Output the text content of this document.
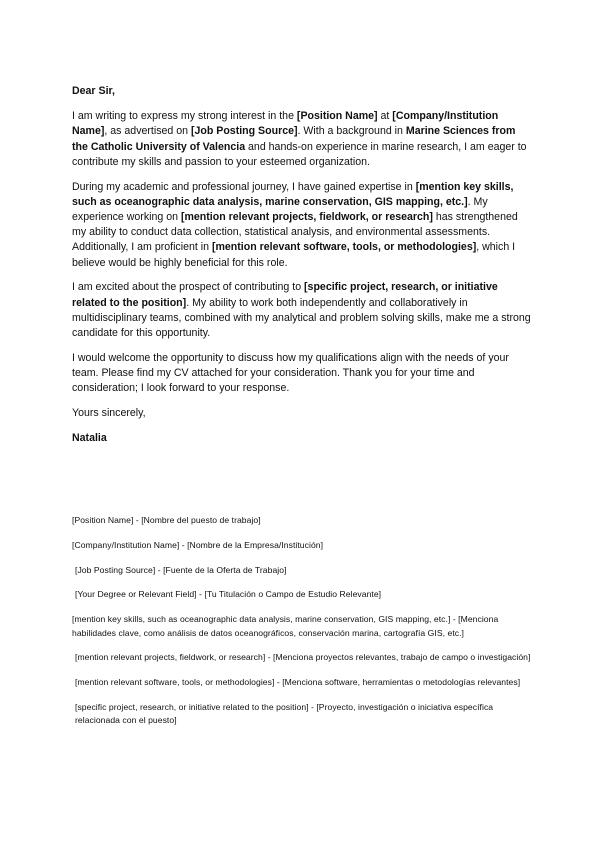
Dear Sir,

I am writing to express my strong interest in the [Position Name] at [Company/Institution Name], as advertised on [Job Posting Source]. With a background in Marine Sciences from the Catholic University of Valencia and hands-on experience in marine research, I am eager to contribute my skills and passion to your esteemed organization.

During my academic and professional journey, I have gained expertise in [mention key skills, such as oceanographic data analysis, marine conservation, GIS mapping, etc.]. My experience working on [mention relevant projects, fieldwork, or research] has strengthened my ability to conduct data collection, statistical analysis, and environmental assessments. Additionally, I am proficient in [mention relevant software, tools, or methodologies], which I believe would be highly beneficial for this role.

I am excited about the prospect of contributing to [specific project, research, or initiative related to the position]. My ability to work both independently and collaboratively in multidisciplinary teams, combined with my analytical and problem solving skills, make me a strong candidate for this opportunity.

I would welcome the opportunity to discuss how my qualifications align with the needs of your team. Please find my CV attached for your consideration. Thank you for your time and consideration; I look forward to your response.

Yours sincerely,

Natalia

[Position Name] - [Nombre del puesto de trabajo]
[Company/Institution Name] - [Nombre de la Empresa/Institución]
[Job Posting Source] - [Fuente de la Oferta de Trabajo]
[Your Degree or Relevant Field] - [Tu Titulación o Campo de Estudio Relevante]
[mention key skills, such as oceanographic data analysis, marine conservation, GIS mapping, etc.] - [Menciona habilidades clave, como análisis de datos oceanográficos, conservación marina, cartografía GIS, etc.]
[mention relevant projects, fieldwork, or research] - [Menciona proyectos relevantes, trabajo de campo o investigación]
[mention relevant software, tools, or methodologies] - [Menciona software, herramientas o metodologías relevantes]
[specific project, research, or initiative related to the position] - [Proyecto, investigación o iniciativa específica relacionada con el puesto]
